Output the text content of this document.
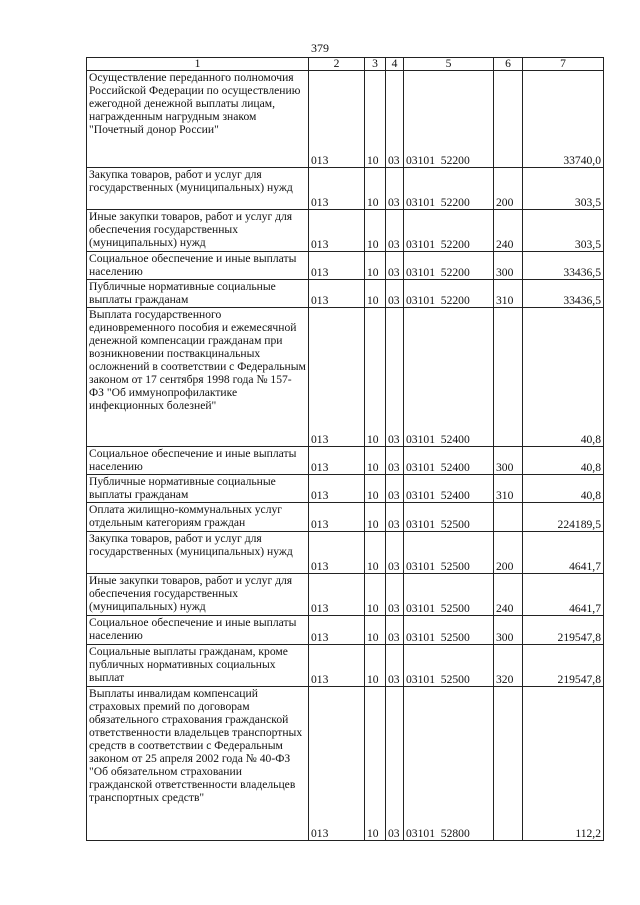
379
1	2	3	4	5	6	7
Осуществление переданного полномочия Российской Федерации по осуществлению ежегодной денежной выплаты лицам, награжденным нагрудным знаком "Почетный донор России"	013	10	03	03101  52200		33740,0
Закупка товаров, работ и услуг для государственных (муниципальных) нужд	013	10	03	03101  52200	200	303,5
Иные закупки товаров, работ и услуг для обеспечения государственных (муниципальных) нужд	013	10	03	03101  52200	240	303,5
Социальное обеспечение и иные выплаты населению	013	10	03	03101  52200	300	33436,5
Публичные нормативные социальные выплаты гражданам	013	10	03	03101  52200	310	33436,5
Выплата государственного единовременного пособия и ежемесячной денежной компенсации гражданам при возникновении поствакцинальных осложнений в соответствии с Федеральным законом от 17 сентября 1998 года № 157-ФЗ "Об иммунопрофилактике инфекционных болезней"	013	10	03	03101  52400		40,8
Социальное обеспечение и иные выплаты населению	013	10	03	03101  52400	300	40,8
Публичные нормативные социальные выплаты гражданам	013	10	03	03101  52400	310	40,8
Оплата жилищно-коммунальных услуг отдельным категориям граждан	013	10	03	03101  52500		224189,5
Закупка товаров, работ и услуг для государственных (муниципальных) нужд	013	10	03	03101  52500	200	4641,7
Иные закупки товаров, работ и услуг для обеспечения государственных (муниципальных) нужд	013	10	03	03101  52500	240	4641,7
Социальное обеспечение и иные выплаты населению	013	10	03	03101  52500	300	219547,8
Социальные выплаты гражданам, кроме публичных нормативных социальных выплат	013	10	03	03101  52500	320	219547,8
Выплаты инвалидам компенсаций страховых премий по договорам обязательного страхования гражданской ответственности владельцев транспортных средств в соответствии с Федеральным законом от 25 апреля 2002 года № 40-ФЗ "Об обязательном страховании гражданской ответственности владельцев транспортных средств"	013	10	03	03101  52800		112,2
